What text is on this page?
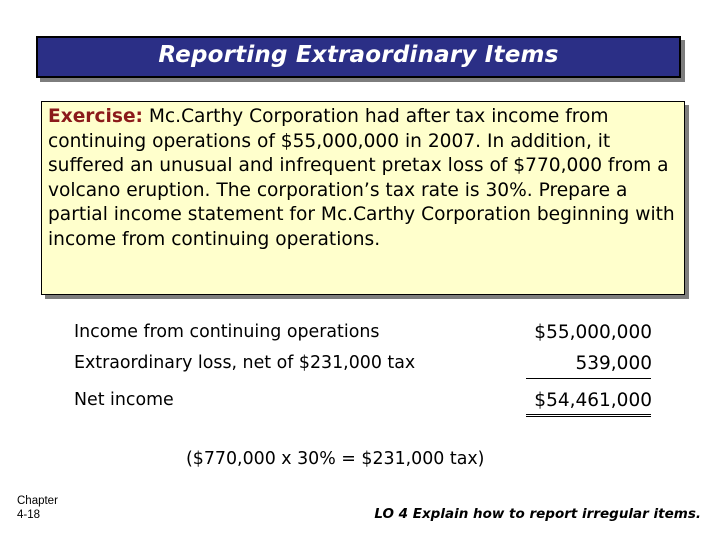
Reporting Extraordinary Items
Exercise: Mc.Carthy Corporation had after tax income from continuing operations of $55,000,000 in 2007. In addition, it suffered an unusual and infrequent pretax loss of $770,000 from a volcano eruption. The corporation’s tax rate is 30%. Prepare a partial income statement for Mc.Carthy Corporation beginning with income from continuing operations.
Income from continuing operations	$55,000,000
Extraordinary loss, net of $231,000 tax	539,000
Net income	$54,461,000
($770,000 x 30% = $231,000 tax)
Chapter
4-18	LO 4 Explain how to report irregular items.
